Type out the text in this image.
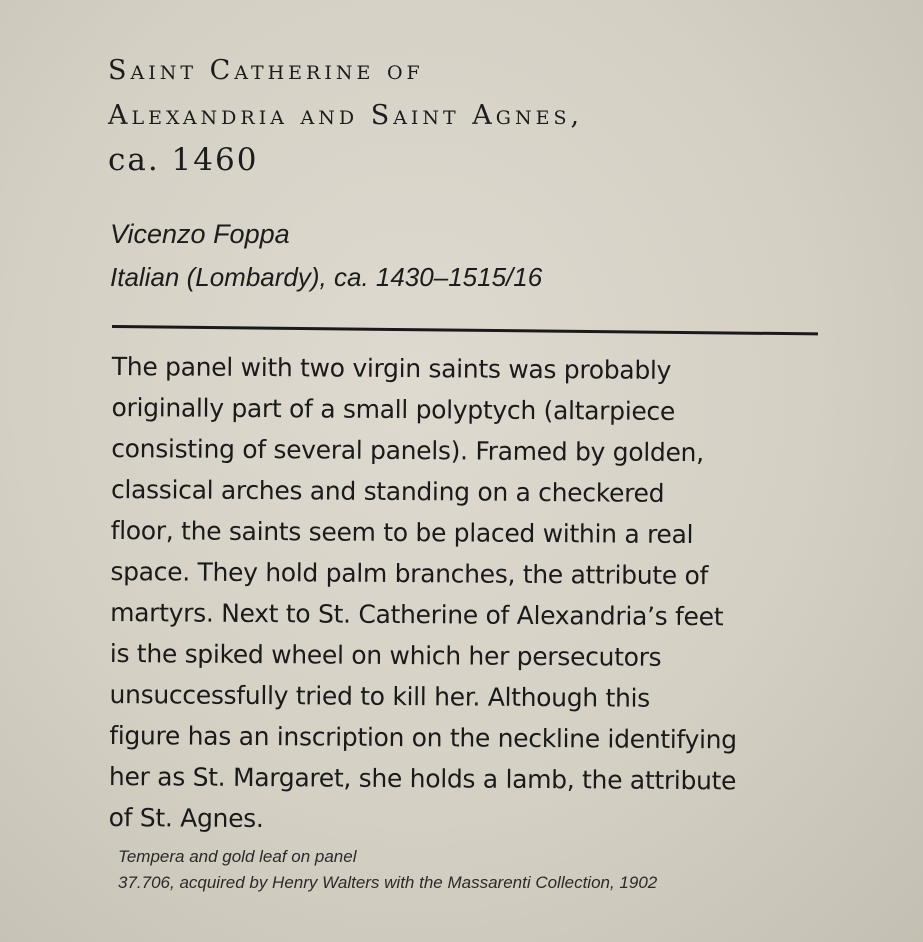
Saint Catherine of
Alexandria and Saint Agnes,
ca. 1460
Vicenzo Foppa
Italian (Lombardy), ca. 1430–1515/16
The panel with two virgin saints was probably
originally part of a small polyptych (altarpiece
consisting of several panels). Framed by golden,
classical arches and standing on a checkered
floor, the saints seem to be placed within a real
space. They hold palm branches, the attribute of
martyrs. Next to St. Catherine of Alexandria’s feet
is the spiked wheel on which her persecutors
unsuccessfully tried to kill her. Although this
figure has an inscription on the neckline identifying
her as St. Margaret, she holds a lamb, the attribute
of St. Agnes.
Tempera and gold leaf on panel
37.706, acquired by Henry Walters with the Massarenti Collection, 1902
